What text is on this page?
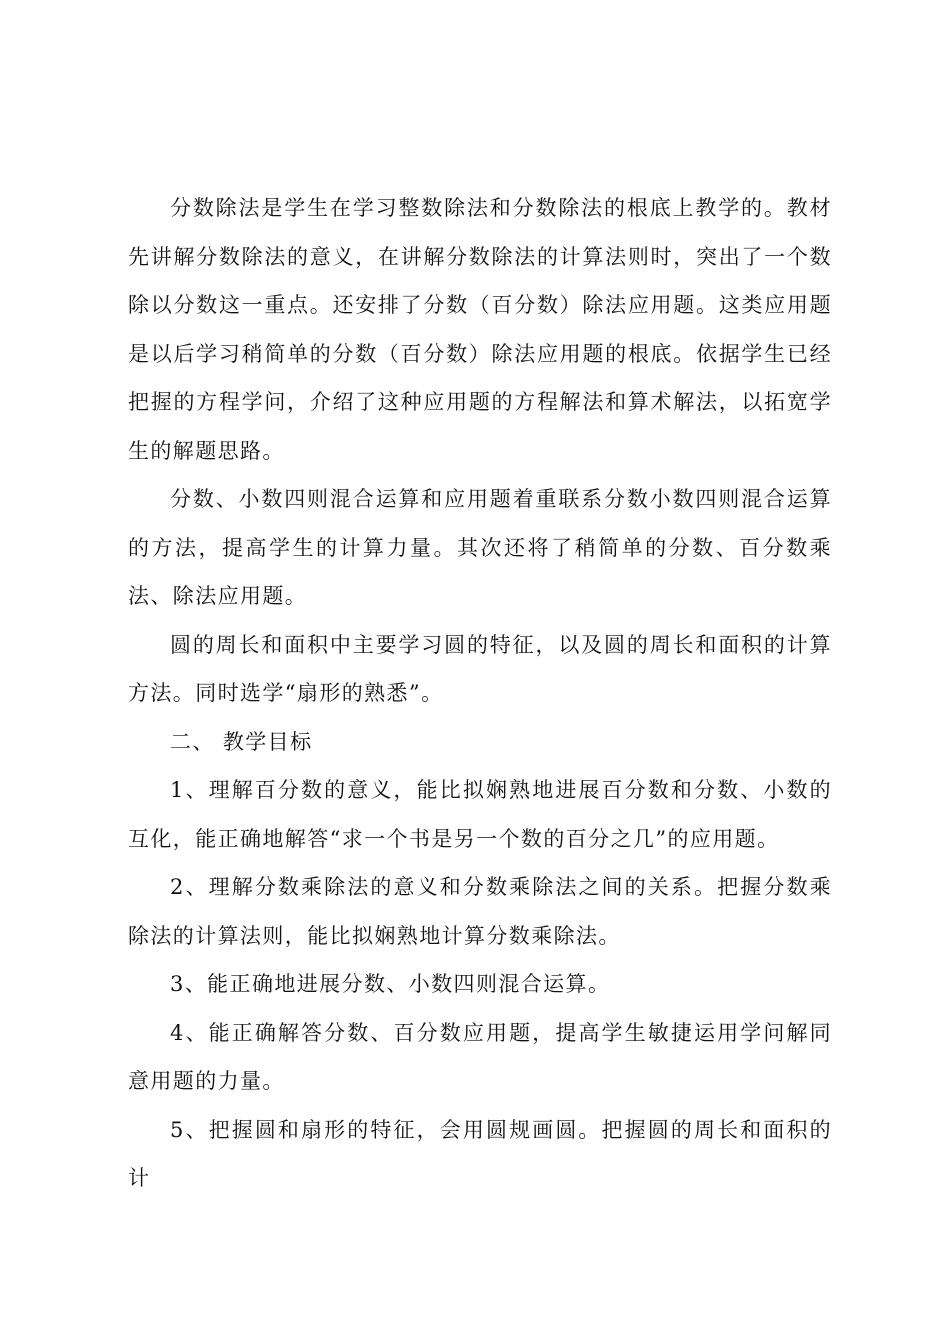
分数除法是学生在学习整数除法和分数除法的根底上教学的。教材先讲解分数除法的意义，在讲解分数除法的计算法则时，突出了一个数除以分数这一重点。还安排了分数（百分数）除法应用题。这类应用题是以后学习稍简单的分数（百分数）除法应用题的根底。依据学生已经把握的方程学问，介绍了这种应用题的方程解法和算术解法，以拓宽学生的解题思路。

分数、小数四则混合运算和应用题着重联系分数小数四则混合运算的方法，提高学生的计算力量。其次还将了稍简单的分数、百分数乘法、除法应用题。

圆的周长和面积中主要学习圆的特征，以及圆的周长和面积的计算方法。同时选学“扇形的熟悉”。

二、 教学目标

1、理解百分数的意义，能比拟娴熟地进展百分数和分数、小数的互化，能正确地解答“求一个书是另一个数的百分之几”的应用题。

2、理解分数乘除法的意义和分数乘除法之间的关系。把握分数乘除法的计算法则，能比拟娴熟地计算分数乘除法。

3、能正确地进展分数、小数四则混合运算。

4、能正确解答分数、百分数应用题，提高学生敏捷运用学问解同意用题的力量。

5、把握圆和扇形的特征，会用圆规画圆。把握圆的周长和面积的计
